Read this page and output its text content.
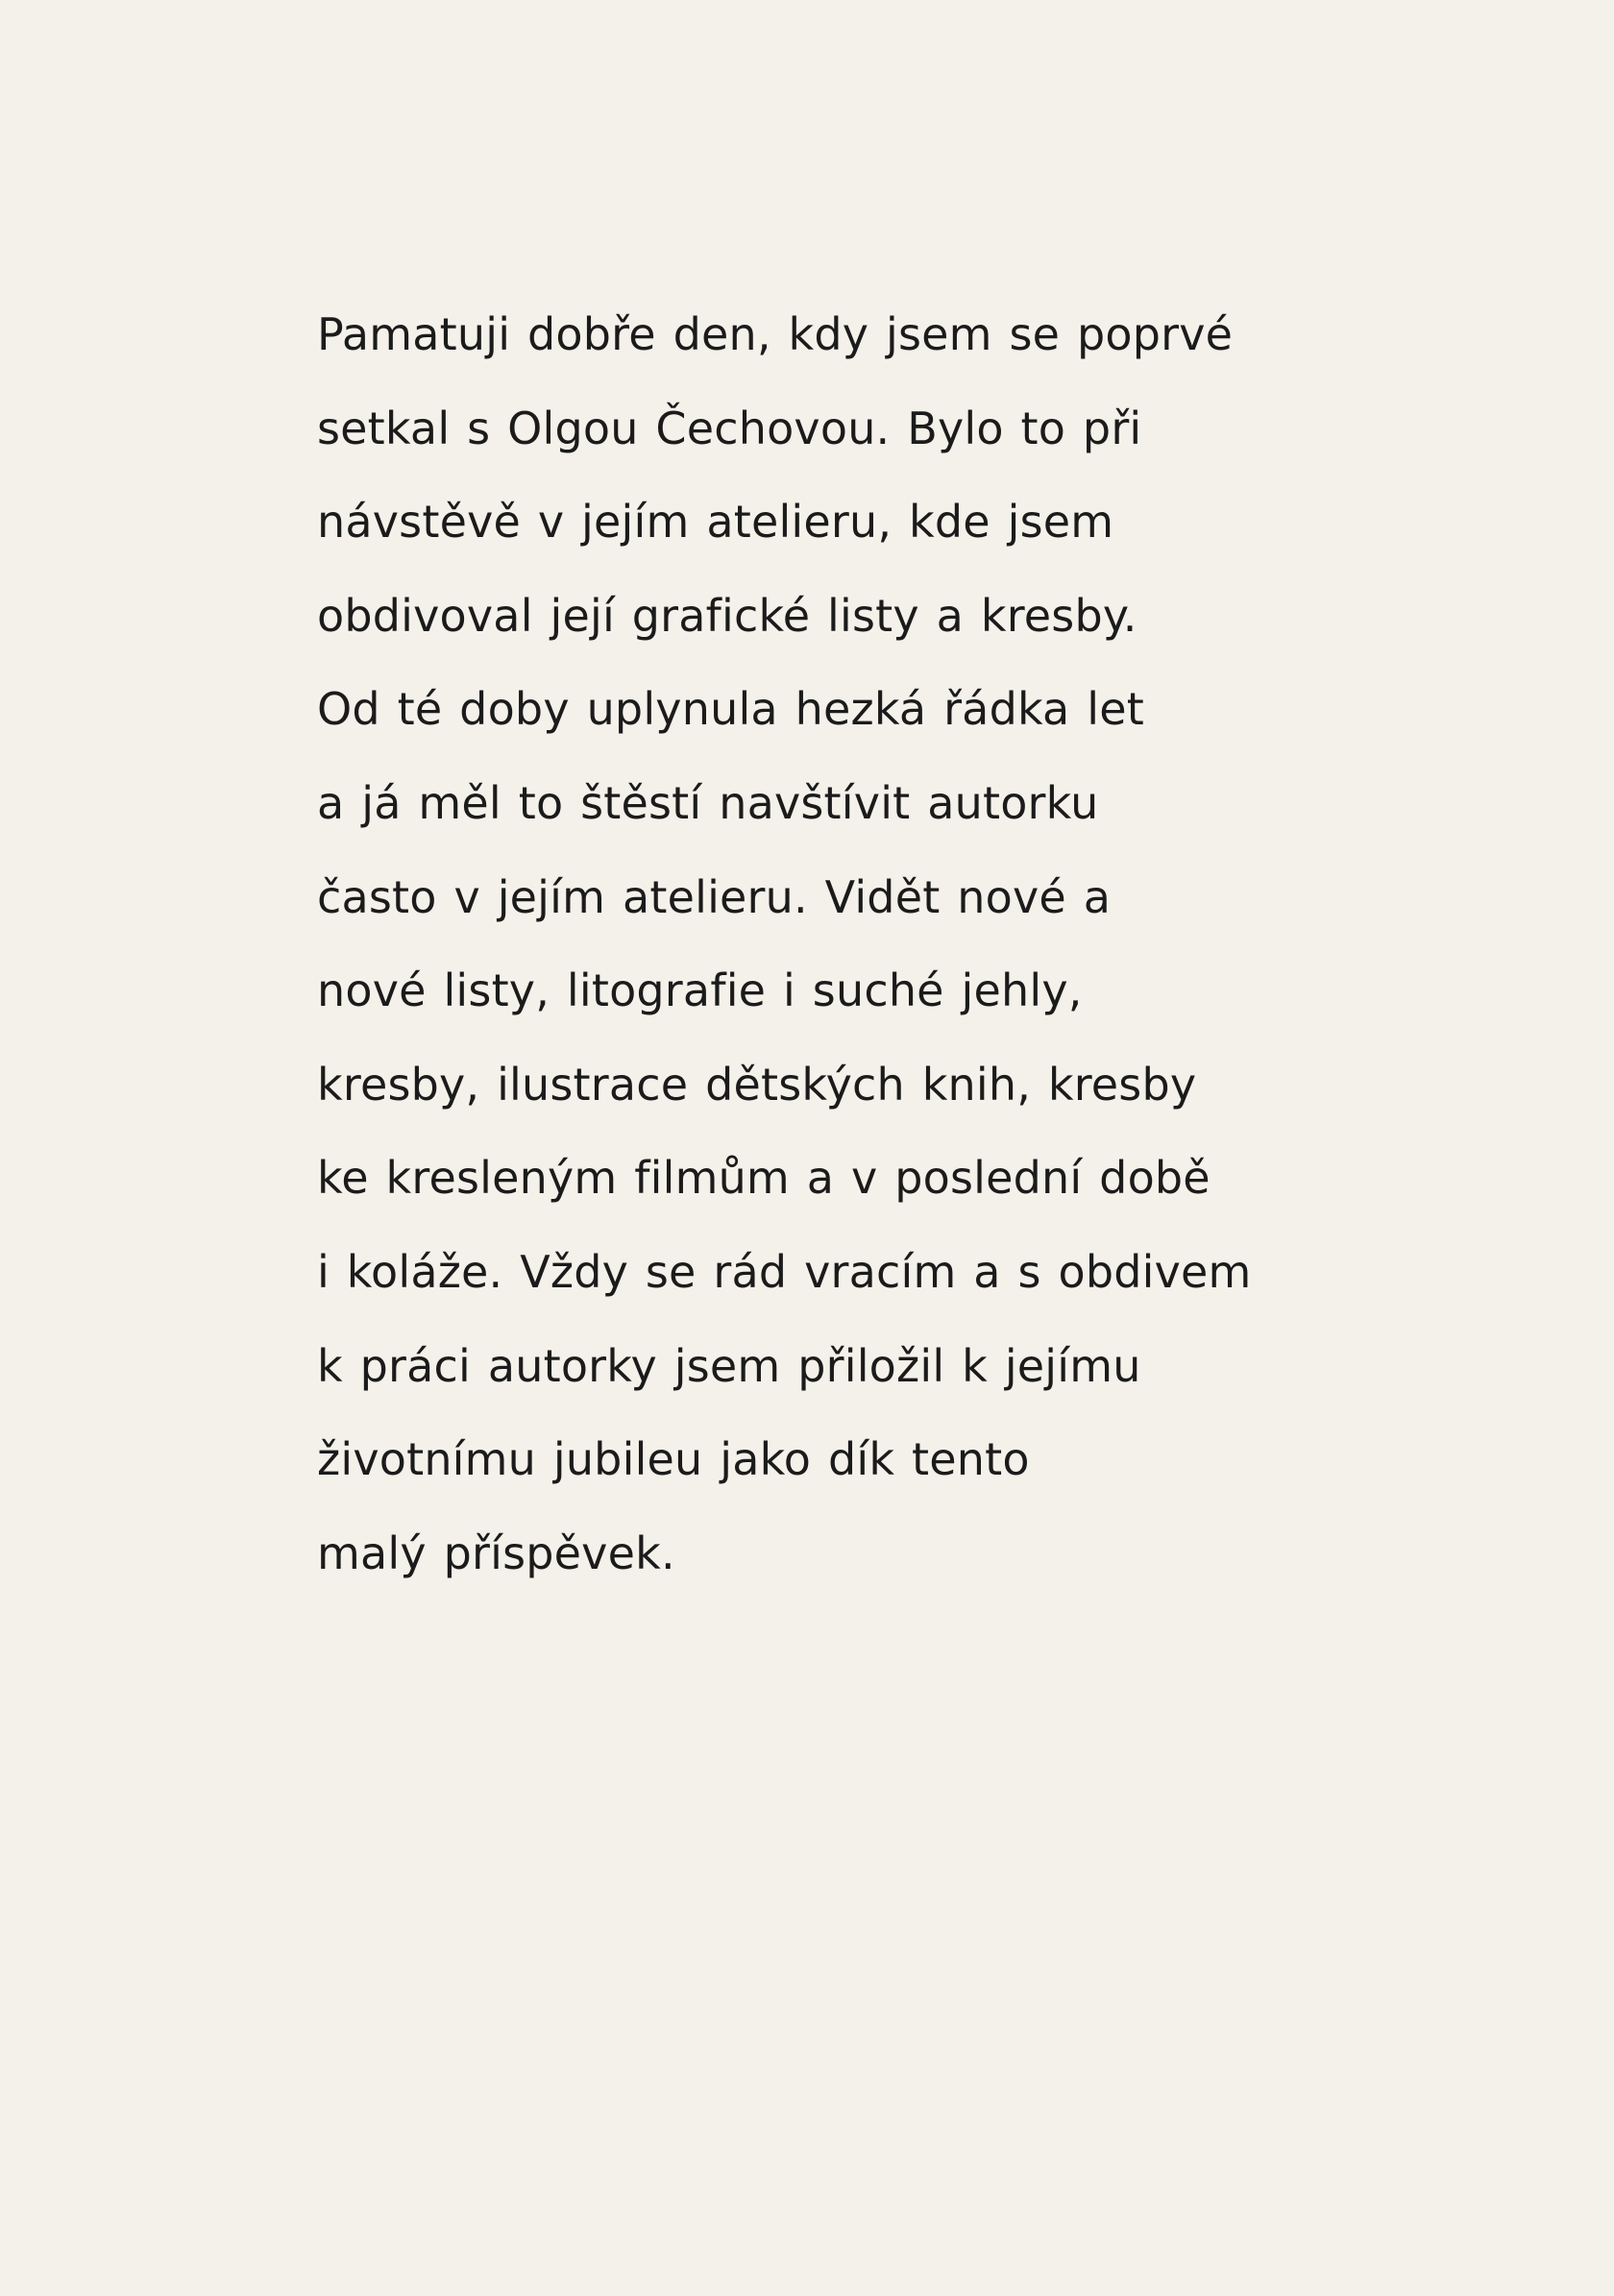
Pamatuji dobře den, kdy jsem se poprvé
setkal s Olgou Čechovou. Bylo to při
návstěvě v jejím atelieru, kde jsem
obdivoval její grafické listy a kresby.
Od té doby uplynula hezká řádka let
a já měl to štěstí navštívit autorku
často v jejím atelieru. Vidět nové a
nové listy, litografie i suché jehly,
kresby, ilustrace dětských knih, kresby
ke kresleným filmům a v poslední době
i koláže. Vždy se rád vracím a s obdivem
k práci autorky jsem přiložil k jejímu
životnímu jubileu jako dík tento
malý příspěvek.
